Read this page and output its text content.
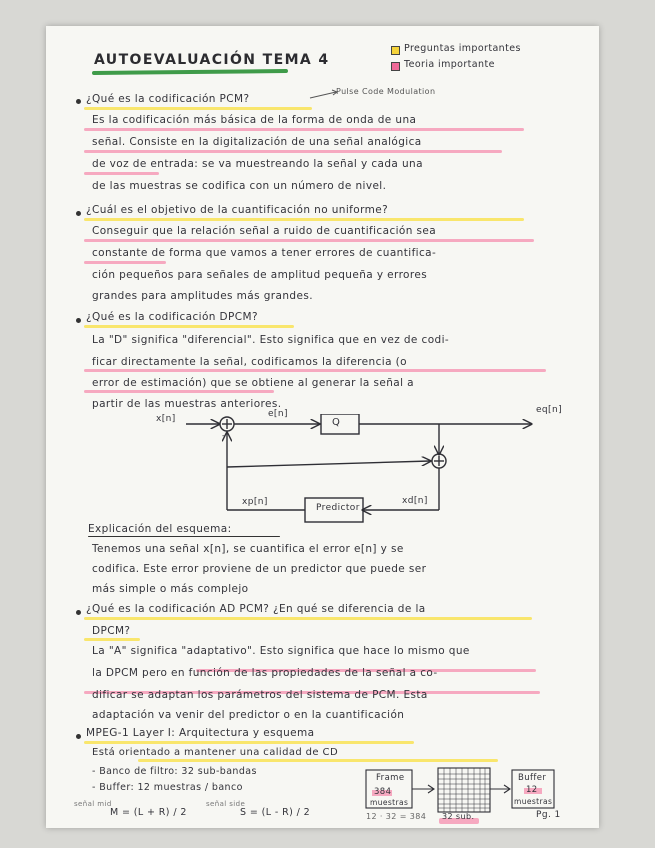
AUTOEVALUACIÓN TEMA 4
Preguntas importantes
Teoria importante
¿Qué es la codificación PCM?
Pulse Code Modulation
Es la codificación más básica de la forma de onda de una
señal. Consiste en la digitalización de una señal analógica
de voz de entrada: se va muestreando la señal y cada una
de las muestras se codifica con un número de nivel.
¿Cuál es el objetivo de la cuantificación no uniforme?
Conseguir que la relación señal a ruido de cuantificación sea
constante de forma que vamos a tener errores de cuantifica-
ción pequeños para señales de amplitud pequeña y errores
grandes para amplitudes más grandes.
¿Qué es la codificación DPCM?
La "D" significa "diferencial". Esto significa que en vez de codi-
ficar directamente la señal, codificamos la diferencia (o
error de estimación) que se obtiene al generar la señal a
partir de las muestras anteriores.
x[n]	e[n]
Q
eq[n]
-
Predictor
xp[n]	xd[n]
Explicación del esquema:
Tenemos una señal x[n], se cuantifica el error e[n] y se
codifica. Este error proviene de un predictor que puede ser
más simple o más complejo
¿Qué es la codificación AD PCM? ¿En qué se diferencia de la
DPCM?
La "A" significa "adaptativo". Esto significa que hace lo mismo que
la DPCM pero en función de las propiedades de la señal a co-
dificar se adaptan los parámetros del sistema de PCM. Esta
adaptación va venir del predictor o en la cuantificación
MPEG-1 Layer I: Arquitectura y esquema
Está orientado a mantener una calidad de CD
- Banco de filtro: 32 sub-bandas
- Buffer: 12 muestras / banco
señal mid
M = (L + R) / 2
señal side
S = (L - R) / 2
Frame
384
muestras
Buffer
12
muestras
12 · 32 = 384 32 sub.	Pg. 1
